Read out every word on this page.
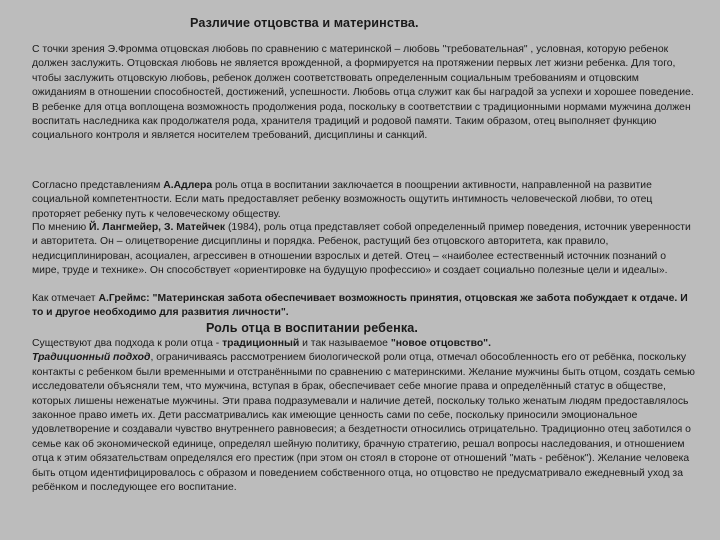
Различие отцовства и материнства.
С точки зрения Э.Фромма отцовская любовь по сравнению с материнской – любовь "требовательная" , условная, которую ребенок должен заслужить. Отцовская любовь не является врожденной, а формируется на протяжении первых лет жизни ребенка. Для того, чтобы заслужить отцовскую любовь, ребенок должен соответствовать определенным социальным требованиям и отцовским ожиданиям в отношении способностей, достижений, успешности. Любовь отца служит как бы наградой за успехи и хорошее поведение. В ребенке для отца воплощена возможность продолжения рода, поскольку в соответствии с традиционными нормами мужчина должен воспитать наследника как продолжателя рода, хранителя традиций и родовой памяти. Таким образом, отец выполняет функцию социального контроля и является носителем требований, дисциплины и санкций.
Согласно представлениям А.Адлера роль отца в воспитании заключается в поощрении активности, направленной на развитие социальной компетентности. Если мать предоставляет ребенку возможность ощутить интимность человеческой любви, то отец проторяет ребенку путь к человеческому обществу.
По мнению Й. Лангмейер, З. Матейчек (1984), роль отца представляет собой определенный пример поведения, источник уверенности и авторитета. Он – олицетворение дисциплины и порядка. Ребенок, растущий без отцовского авторитета, как правило, недисциплинирован, асоциален, агрессивен в отношении взрослых и детей. Отец – «наиболее естественный источник познаний о мире, труде и технике». Он способствует «ориентировке на будущую профессию» и создает социально полезные цели и идеалы».
Как отмечает А.Греймс: "Материнская забота обеспечивает возможность принятия, отцовская же забота побуждает к отдаче. И то и другое необходимо для развития личности".
Роль отца в воспитании ребенка.
Существуют два подхода к роли отца - традиционный и так называемое "новое отцовство".
Традиционный подход, ограничиваясь рассмотрением биологической роли отца, отмечал обособленность его от ребёнка, поскольку контакты с ребенком были временными и отстранёнными по сравнению с материнскими. Желание мужчины быть отцом, создать семью исследователи объясняли тем, что мужчина, вступая в брак, обеспечивает себе многие права и определённый статус в обществе, которых лишены неженатые мужчины. Эти права подразумевали и наличие детей, поскольку только женатым людям предоставлялось законное право иметь их. Дети рассматривались как имеющие ценность сами по себе, поскольку приносили эмоциональное удовлетворение и создавали чувство внутреннего равновесия; а бездетности относились отрицательно. Традиционно отец заботился о семье как об экономической единице, определял шейную политику, брачную стратегию, решал вопросы наследования, и отношением отца к этим обязательствам определялся его престиж (при этом он стоял в стороне от отношений "мать - ребёнок"). Желание человека быть отцом идентифицировалось с образом и поведением собственного отца, но отцовство не предусматривало ежедневный уход за ребёнком и последующее его воспитание.
